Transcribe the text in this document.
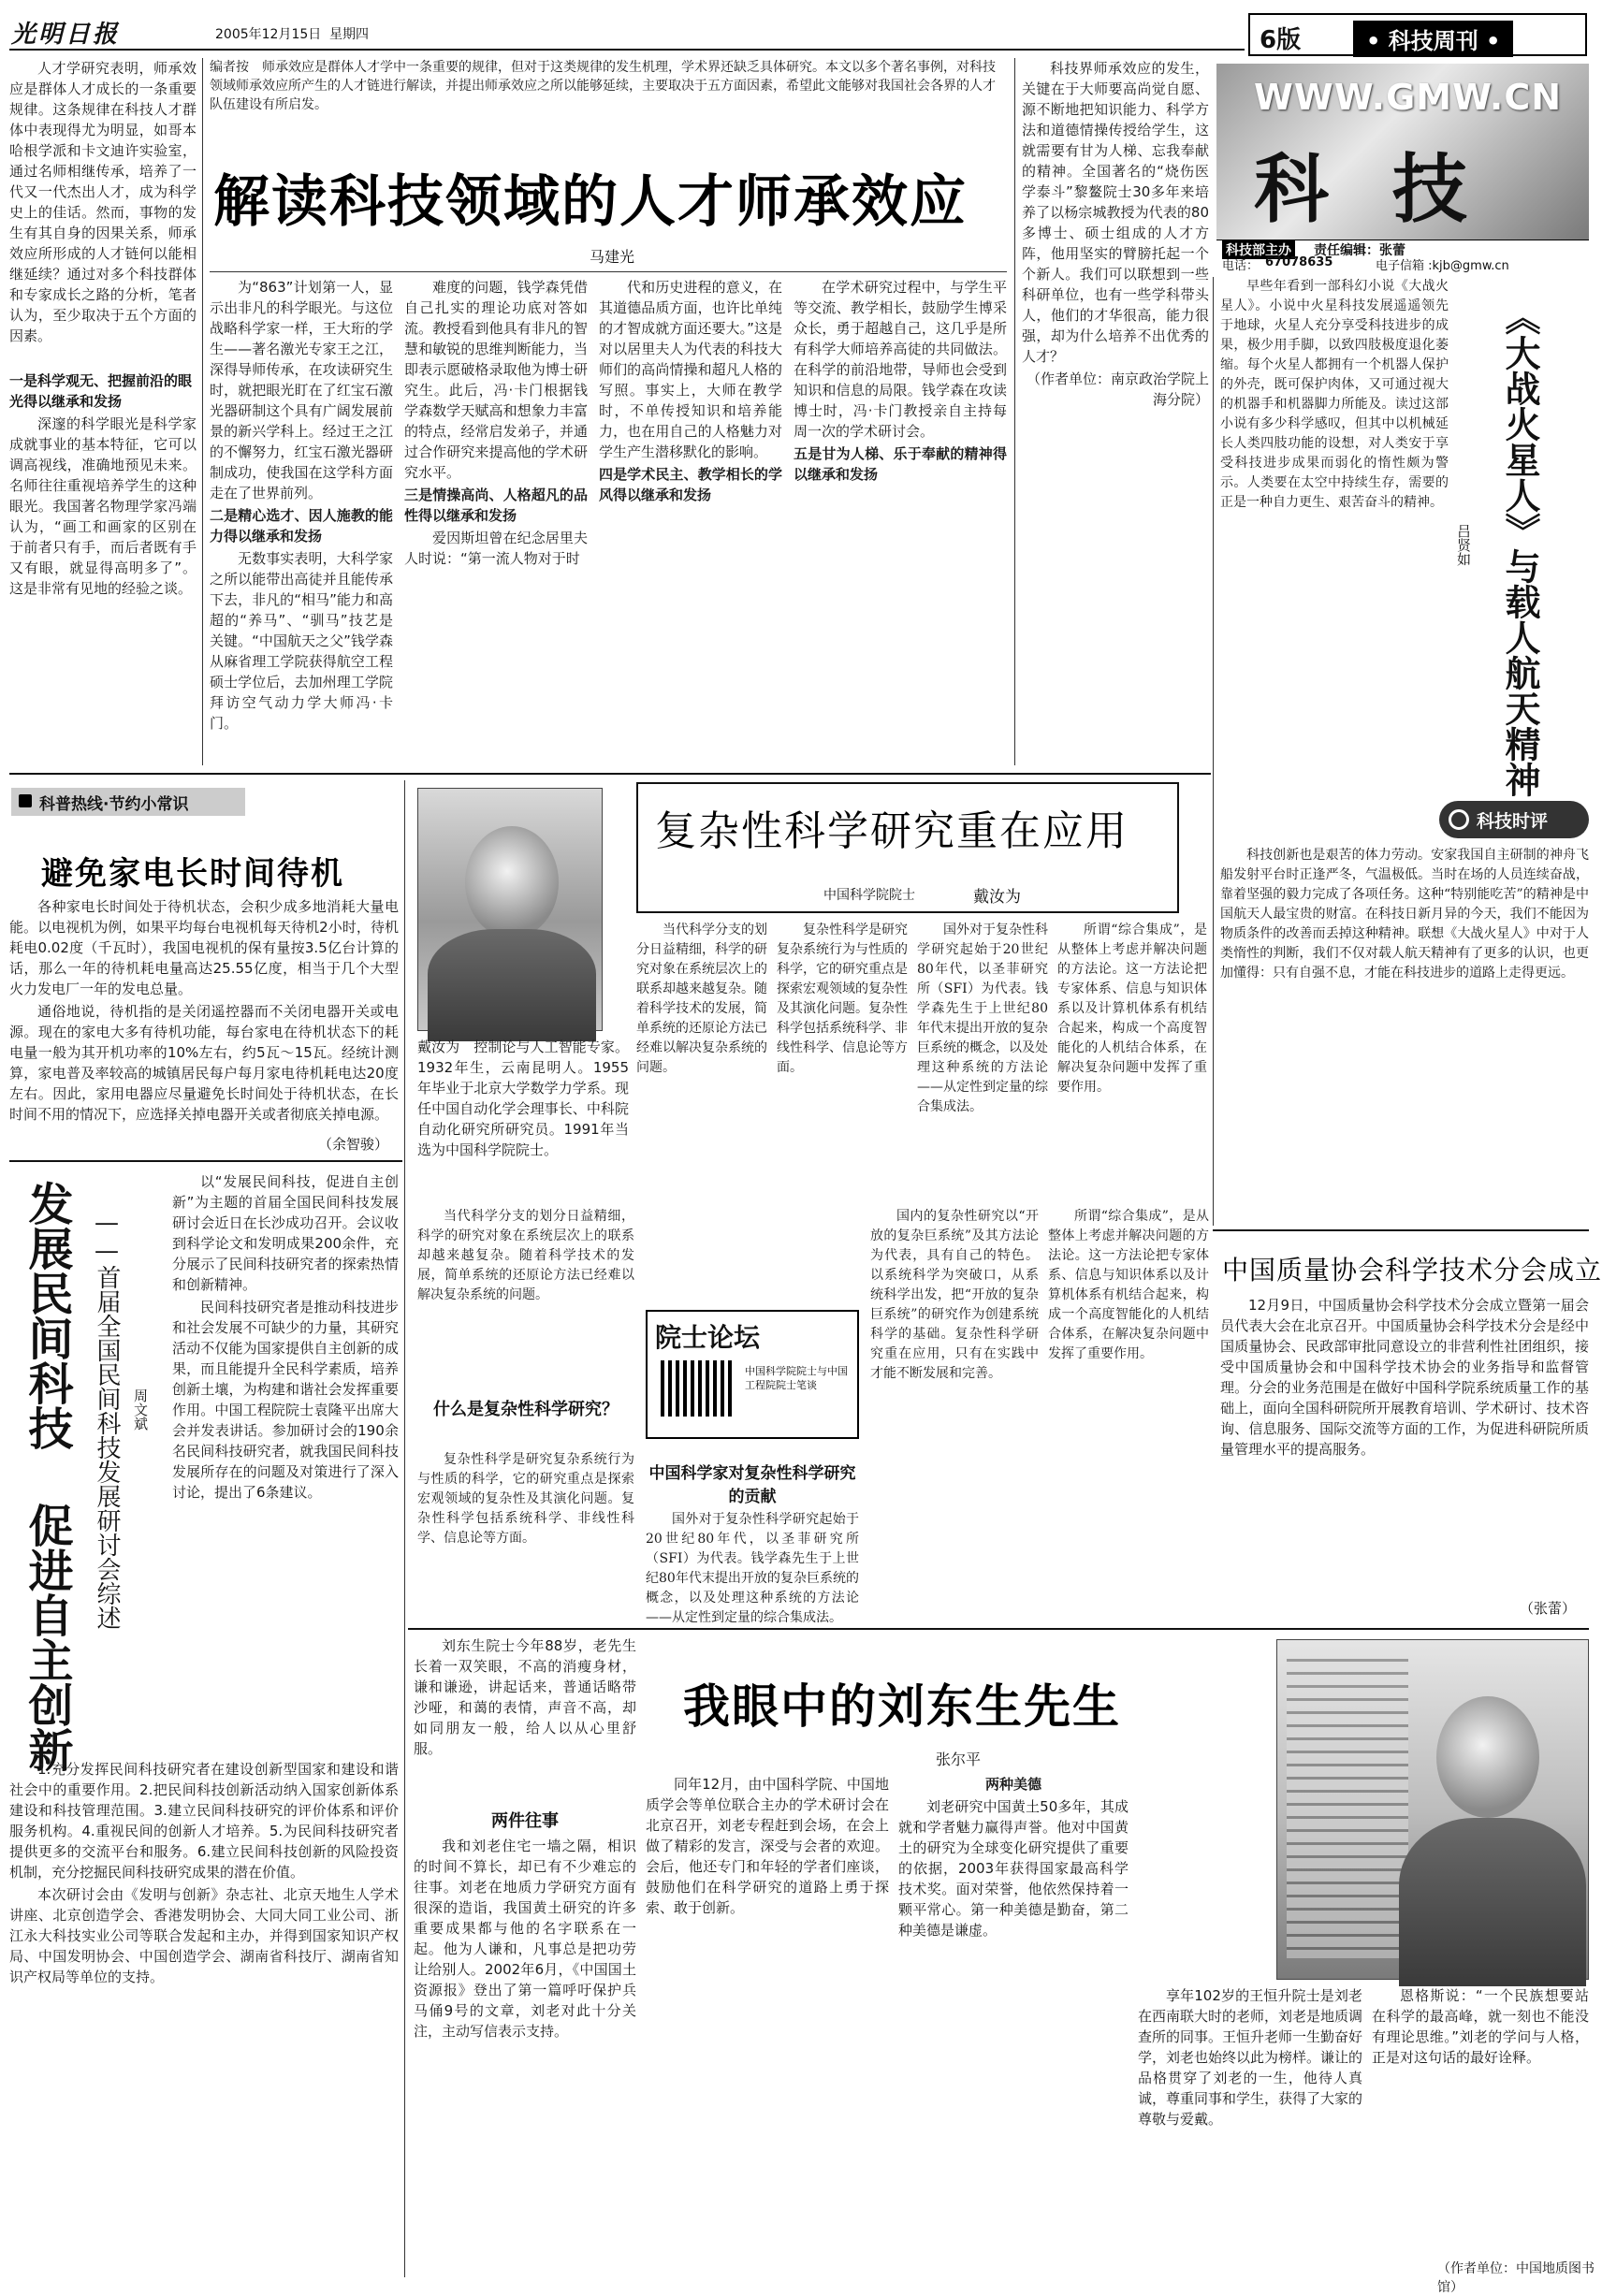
光明日报	2005年12月15日 星期四	6版	• 科技周刊 •
WWW.GMW.CN
科 技
科技部主办 责任编辑：张蕾
电话： 67078635	电子信箱 :kjb@gmw.cn

人才学研究表明，师承效应是群体人才成长的一条重要规律。这条规律在科技人才群体中表现得尤为明显，如哥本哈根学派和卡文迪许实验室，通过名师相继传承，培养了一代又一代杰出人才，成为科学史上的佳话。然而，事物的发生有其自身的因果关系，师承效应所形成的人才链何以能相继延续？通过对多个科技群体和专家成长之路的分析，笔者认为，至少取决于五个方面的因素。

一是科学观无、把握前沿的眼光得以继承和发扬

深邃的科学眼光是科学家成就事业的基本特征，它可以调高视线，准确地预见未来。名师往往重视培养学生的这种眼光。我国著名物理学家冯端认为，“画工和画家的区别在于前者只有手，而后者既有手又有眼，就显得高明多了”。这是非常有见地的经验之谈。

编者按　师承效应是群体人才学中一条重要的规律，但对于这类规律的发生机理，学术界还缺乏具体研究。本文以多个著名事例，对科技领域师承效应所产生的人才链进行解读，并提出师承效应之所以能够延续，主要取决于五方面因素，希望此文能够对我国社会各界的人才队伍建设有所启发。
解读科技领域的人才师承效应
马建光

为“863”计划第一人，显示出非凡的科学眼光。与这位战略科学家一样，王大珩的学生——著名激光专家王之江，深得导师传承，在攻读研究生时，就把眼光盯在了红宝石激光器研制这个具有广阔发展前景的新兴学科上。经过王之江的不懈努力，红宝石激光器研制成功，使我国在这学科方面走在了世界前列。

二是精心选才、因人施教的能力得以继承和发扬

无数事实表明，大科学家之所以能带出高徒并且能传承下去，非凡的“相马”能力和高超的“养马”、“驯马”技艺是关键。“中国航天之父”钱学森从麻省理工学院获得航空工程硕士学位后，去加州理工学院拜访空气动力学大师冯·卡门。

难度的问题，钱学森凭借自己扎实的理论功底对答如流。教授看到他具有非凡的智慧和敏锐的思维判断能力，当即表示愿破格录取他为博士研究生。此后，冯·卡门根据钱学森数学天赋高和想象力丰富的特点，经常启发弟子，并通过合作研究来提高他的学术研究水平。

三是情操高尚、人格超凡的品性得以继承和发扬

爱因斯坦曾在纪念居里夫人时说：“第一流人物对于时

代和历史进程的意义，在其道德品质方面，也许比单纯的才智成就方面还要大。”这是对以居里夫人为代表的科技大师们的高尚情操和超凡人格的写照。事实上，大师在教学时，不单传授知识和培养能力，也在用自己的人格魅力对学生产生潜移默化的影响。

四是学术民主、教学相长的学风得以继承和发扬

在学术研究过程中，与学生平等交流、教学相长，鼓励学生博采众长，勇于超越自己，这几乎是所有科学大师培养高徒的共同做法。在科学的前沿地带，导师也会受到知识和信息的局限。钱学森在攻读博士时，冯·卡门教授亲自主持每周一次的学术研讨会。

五是甘为人梯、乐于奉献的精神得以继承和发扬

科技界师承效应的发生，关键在于大师要高尚觉自愿、源不断地把知识能力、科学方法和道德情操传授给学生，这就需要有甘为人梯、忘我奉献的精神。全国著名的“烧伤医学泰斗”黎鳌院士30多年来培养了以杨宗城教授为代表的80多博士、硕士组成的人才方阵，他用坚实的臂膀托起一个个新人。我们可以联想到一些科研单位，也有一些学科带头人，他们的才华很高，能力很强，却为什么培养不出优秀的人才？

（作者单位：南京政治学院上海分院）	《大战火星人》与载人航天精神
吕贤如

早些年看到一部科幻小说《大战火星人》。小说中火星科技发展遥遥领先于地球，火星人充分享受科技进步的成果，极少用手脚，以致四肢极度退化萎缩。每个火星人都拥有一个机器人保护的外壳，既可保护肉体，又可通过视大的机器手和机器脚力所能及。读过这部小说有多少科学感叹，但其中以机械延长人类四肢功能的设想，对人类安于享受科技进步成果而弱化的惰性颇为警示。人类要在太空中持续生存，需要的正是一种自力更生、艰苦奋斗的精神。

科技时评

科技创新也是艰苦的体力劳动。安家我国自主研制的神舟飞船发射平台时正逢严冬，气温极低。当时在场的人员连续奋战，靠着坚强的毅力完成了各项任务。这种“特别能吃苦”的精神是中国航天人最宝贵的财富。在科技日新月异的今天，我们不能因为物质条件的改善而丢掉这种精神。联想《大战火星人》中对于人类惰性的判断，我们不仅对载人航天精神有了更多的认识，也更加懂得：只有自强不息，才能在科技进步的道路上走得更远。

科普热线·节约小常识
避免家电长时间待机

各种家电长时间处于待机状态，会积少成多地消耗大量电能。以电视机为例，如果平均每台电视机每天待机2小时，待机耗电0.02度（千瓦时），我国电视机的保有量按3.5亿台计算的话，那么一年的待机耗电量高达25.55亿度，相当于几个大型火力发电厂一年的发电总量。

通俗地说，待机指的是关闭遥控器而不关闭电器开关或电源。现在的家电大多有待机功能，每台家电在待机状态下的耗电量一般为其开机功率的10%左右，约5瓦～15瓦。经统计测算，家电普及率较高的城镇居民每户每月家电待机耗电达20度左右。因此，家用电器应尽量避免长时间处于待机状态，在长时间不用的情况下，应选择关掉电器开关或者彻底关掉电源。

（余智骏）

戴汝为　控制论与人工智能专家。1932年生，云南昆明人。1955年毕业于北京大学数学力学系。现任中国自动化学会理事长、中科院自动化研究所研究员。1991年当选为中国科学院院士。

复杂性科学研究重在应用
中国科学院院士	戴汝为

当代科学分支的划分日益精细，科学的研究对象在系统层次上的联系却越来越复杂。随着科学技术的发展，简单系统的还原论方法已经难以解决复杂系统的问题。

复杂性科学是研究复杂系统行为与性质的科学，它的研究重点是探索宏观领域的复杂性及其演化问题。复杂性科学包括系统科学、非线性科学、信息论等方面。

国外对于复杂性科学研究起始于20世纪80年代，以圣菲研究所（SFI）为代表。钱学森先生于上世纪80年代末提出开放的复杂巨系统的概念，以及处理这种系统的方法论——从定性到定量的综合集成法。

所谓“综合集成”，是从整体上考虑并解决问题的方法论。这一方法论把专家体系、信息与知识体系以及计算机体系有机结合起来，构成一个高度智能化的人机结合体系，在解决复杂问题中发挥了重要作用。

当代科学分支的划分日益精细，科学的研究对象在系统层次上的联系却越来越复杂。随着科学技术的发展，简单系统的还原论方法已经难以解决复杂系统的问题。

什么是复杂性科学研究？

复杂性科学是研究复杂系统行为与性质的科学，它的研究重点是探索宏观领域的复杂性及其演化问题。复杂性科学包括系统科学、非线性科学、信息论等方面。

院士论坛
中国科学院院士与中国工程院院士笔谈
中国科学家对复杂性科学研究的贡献

国外对于复杂性科学研究起始于20世纪80年代，以圣菲研究所（SFI）为代表。钱学森先生于上世纪80年代末提出开放的复杂巨系统的概念，以及处理这种系统的方法论——从定性到定量的综合集成法。

国内的复杂性研究以“开放的复杂巨系统”及其方法论为代表，具有自己的特色。以系统科学为突破口，从系统科学出发，把“开放的复杂巨系统”的研究作为创建系统科学的基础。复杂性科学研究重在应用，只有在实践中才能不断发展和完善。

所谓“综合集成”，是从整体上考虑并解决问题的方法论。这一方法论把专家体系、信息与知识体系以及计算机体系有机结合起来，构成一个高度智能化的人机结合体系，在解决复杂问题中发挥了重要作用。

中国质量协会科学技术分会成立

12月9日，中国质量协会科学技术分会成立暨第一届会员代表大会在北京召开。中国质量协会科学技术分会是经中国质量协会、民政部审批同意设立的非营利性社团组织，接受中国质量协会和中国科学技术协会的业务指导和监督管理。分会的业务范围是在做好中国科学院系统质量工作的基础上，面向全国科研院所开展教育培训、学术研讨、技术咨询、信息服务、国际交流等方面的工作，为促进科研院所质量管理水平的提高服务。

（张蕾）
发展民间科技 促进自主创新 ——首届全国民间科技发展研讨会综述 周文斌

以“发展民间科技，促进自主创新”为主题的首届全国民间科技发展研讨会近日在长沙成功召开。会议收到科学论文和发明成果200余件，充分展示了民间科技研究者的探索热情和创新精神。

民间科技研究者是推动科技进步和社会发展不可缺少的力量，其研究活动不仅能为国家提供自主创新的成果，而且能提升全民科学素质，培养创新土壤，为构建和谐社会发挥重要作用。中国工程院院士袁隆平出席大会并发表讲话。参加研讨会的190余名民间科技研究者，就我国民间科技发展所存在的问题及对策进行了深入讨论，提出了6条建议。

1.充分发挥民间科技研究者在建设创新型国家和建设和谐社会中的重要作用。2.把民间科技创新活动纳入国家创新体系建设和科技管理范围。3.建立民间科技研究的评价体系和评价服务机构。4.重视民间的创新人才培养。5.为民间科技研究者提供更多的交流平台和服务。6.建立民间科技创新的风险投资机制，充分挖掘民间科技研究成果的潜在价值。

本次研讨会由《发明与创新》杂志社、北京天地生人学术讲座、北京创造学会、香港发明协会、大同大同工业公司、浙江永大科技实业公司等联合发起和主办，并得到国家知识产权局、中国发明协会、中国创造学会、湖南省科技厅、湖南省知识产权局等单位的支持。

刘东生院士今年88岁，老先生长着一双笑眼，不高的消瘦身材，谦和谦逊，讲起话来，普通话略带沙哑，和蔼的表情，声音不高，却如同朋友一般，给人以从心里舒服。

两件往事

我和刘老住宅一墙之隔，相识的时间不算长，却已有不少难忘的往事。刘老在地质力学研究方面有很深的造诣，我国黄土研究的许多重要成果都与他的名字联系在一起。他为人谦和，凡事总是把功劳让给别人。2002年6月，《中国国土资源报》登出了第一篇呼吁保护兵马俑9号的文章，刘老对此十分关注，主动写信表示支持。

我眼中的刘东生先生
张尔平

同年12月，由中国科学院、中国地质学会等单位联合主办的学术研讨会在北京召开，刘老专程赶到会场，在会上做了精彩的发言，深受与会者的欢迎。会后，他还专门和年轻的学者们座谈，鼓励他们在科学研究的道路上勇于探索、敢于创新。

两种美德

刘老研究中国黄土50多年，其成就和学者魅力赢得声誉。他对中国黄土的研究为全球变化研究提供了重要的依据，2003年获得国家最高科学技术奖。面对荣誉，他依然保持着一颗平常心。第一种美德是勤奋，第二种美德是谦虚。

享年102岁的王恒升院士是刘老在西南联大时的老师，刘老是地质调查所的同事。王恒升老师一生勤奋好学，刘老也始终以此为榜样。谦让的品格贯穿了刘老的一生，他待人真诚，尊重同事和学生，获得了大家的尊敬与爱戴。

恩格斯说：“一个民族想要站在科学的最高峰，就一刻也不能没有理论思维。”刘老的学问与人格，正是对这句话的最好诠释。

（作者单位：中国地质图书馆）
